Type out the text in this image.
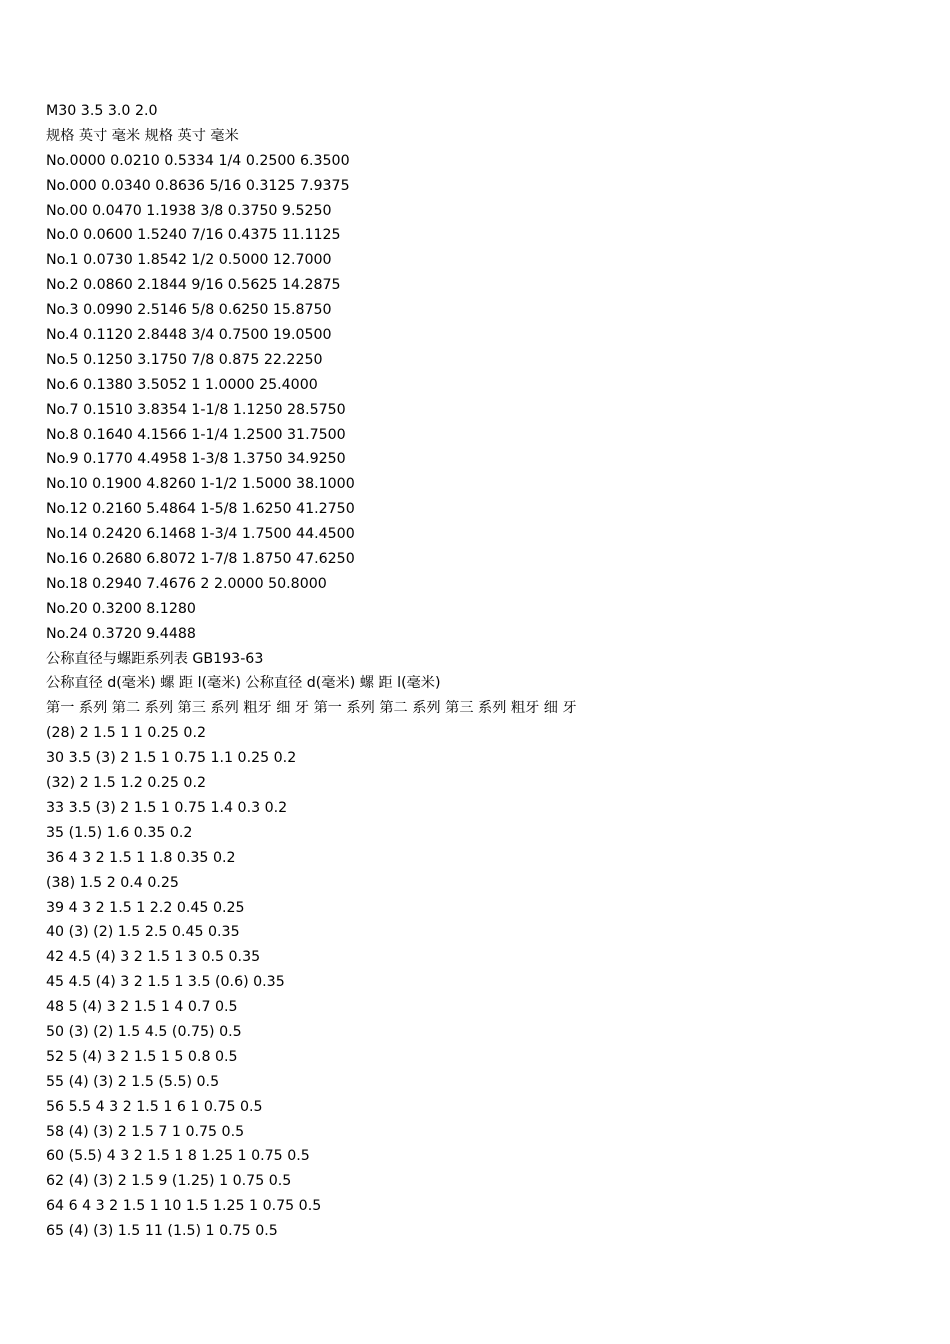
M30 3.5 3.0 2.0
规格 英寸 毫米 规格 英寸 毫米
No.0000 0.0210 0.5334 1/4 0.2500 6.3500
No.000 0.0340 0.8636 5/16 0.3125 7.9375
No.00 0.0470 1.1938 3/8 0.3750 9.5250
No.0 0.0600 1.5240 7/16 0.4375 11.1125
No.1 0.0730 1.8542 1/2 0.5000 12.7000
No.2 0.0860 2.1844 9/16 0.5625 14.2875
No.3 0.0990 2.5146 5/8 0.6250 15.8750
No.4 0.1120 2.8448 3/4 0.7500 19.0500
No.5 0.1250 3.1750 7/8 0.875 22.2250
No.6 0.1380 3.5052 1 1.0000 25.4000
No.7 0.1510 3.8354 1-1/8 1.1250 28.5750
No.8 0.1640 4.1566 1-1/4 1.2500 31.7500
No.9 0.1770 4.4958 1-3/8 1.3750 34.9250
No.10 0.1900 4.8260 1-1/2 1.5000 38.1000
No.12 0.2160 5.4864 1-5/8 1.6250 41.2750
No.14 0.2420 6.1468 1-3/4 1.7500 44.4500
No.16 0.2680 6.8072 1-7/8 1.8750 47.6250
No.18 0.2940 7.4676 2 2.0000 50.8000
No.20 0.3200 8.1280
No.24 0.3720 9.4488
公称直径与螺距系列表 GB193-63
公称直径 d(毫米) 螺 距 l(毫米) 公称直径 d(毫米) 螺 距 l(毫米)
第一 系列 第二 系列 第三 系列 粗牙 细 牙 第一 系列 第二 系列 第三 系列 粗牙 细 牙
(28) 2 1.5 1 1 0.25 0.2
30 3.5 (3) 2 1.5 1 0.75 1.1 0.25 0.2
(32) 2 1.5 1.2 0.25 0.2
33 3.5 (3) 2 1.5 1 0.75 1.4 0.3 0.2
35 (1.5) 1.6 0.35 0.2
36 4 3 2 1.5 1 1.8 0.35 0.2
(38) 1.5 2 0.4 0.25
39 4 3 2 1.5 1 2.2 0.45 0.25
40 (3) (2) 1.5 2.5 0.45 0.35
42 4.5 (4) 3 2 1.5 1 3 0.5 0.35
45 4.5 (4) 3 2 1.5 1 3.5 (0.6) 0.35
48 5 (4) 3 2 1.5 1 4 0.7 0.5
50 (3) (2) 1.5 4.5 (0.75) 0.5
52 5 (4) 3 2 1.5 1 5 0.8 0.5
55 (4) (3) 2 1.5 (5.5) 0.5
56 5.5 4 3 2 1.5 1 6 1 0.75 0.5
58 (4) (3) 2 1.5 7 1 0.75 0.5
60 (5.5) 4 3 2 1.5 1 8 1.25 1 0.75 0.5
62 (4) (3) 2 1.5 9 (1.25) 1 0.75 0.5
64 6 4 3 2 1.5 1 10 1.5 1.25 1 0.75 0.5
65 (4) (3) 1.5 11 (1.5) 1 0.75 0.5
